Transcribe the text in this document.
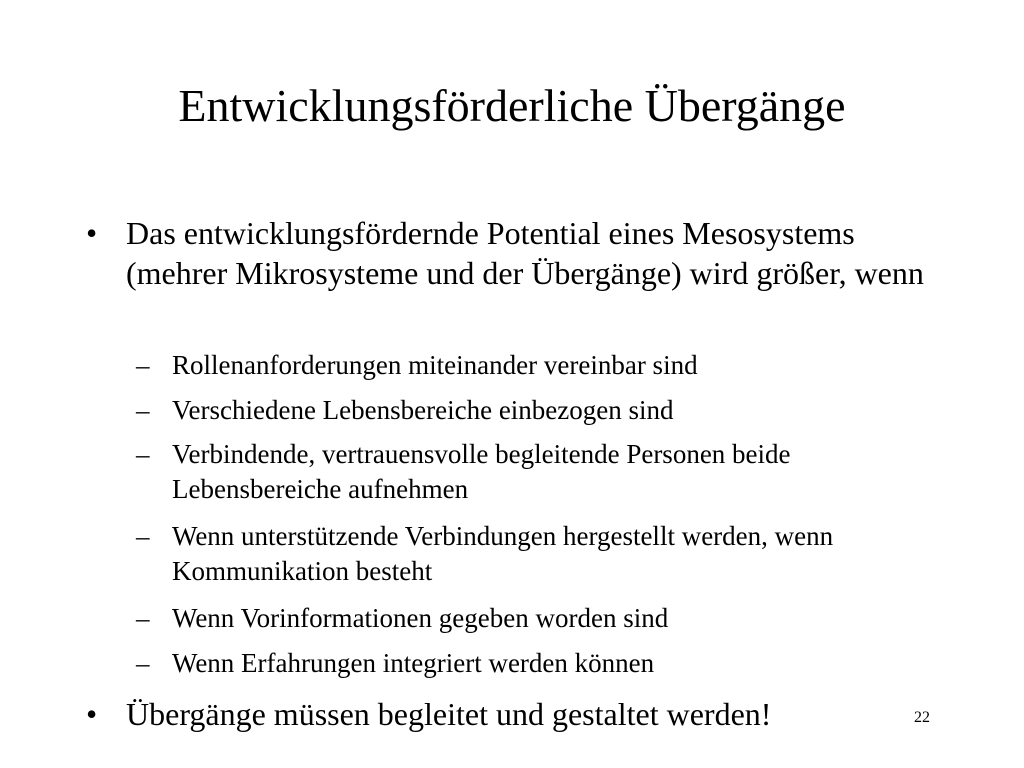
Entwicklungsförderliche Übergänge
• Das entwicklungsfördernde Potential eines Mesosystems (mehrer Mikrosysteme und der Übergänge) wird größer, wenn
– Rollenanforderungen miteinander vereinbar sind
– Verschiedene Lebensbereiche einbezogen sind
– Verbindende, vertrauensvolle begleitende Personen beide Lebensbereiche aufnehmen
– Wenn unterstützende Verbindungen hergestellt werden, wenn Kommunikation besteht
– Wenn Vorinformationen gegeben worden sind
– Wenn Erfahrungen integriert werden können
• Übergänge müssen begleitet und gestaltet werden!	22
